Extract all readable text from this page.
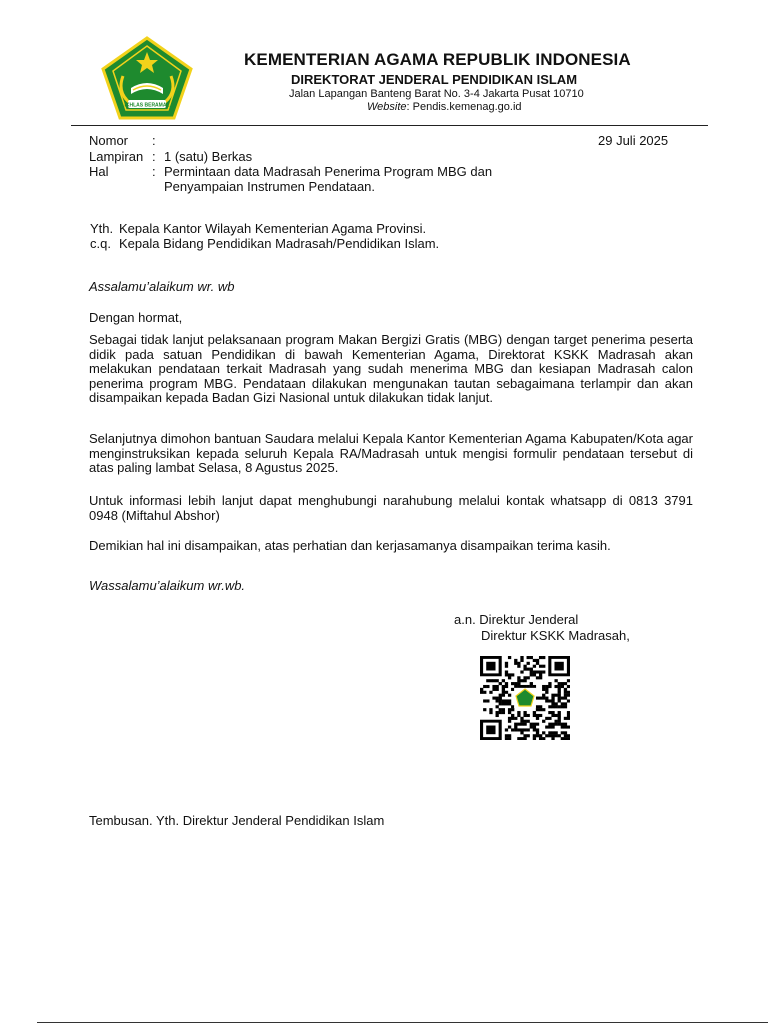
IKHLAS BERAMAL
KEMENTERIAN AGAMA REPUBLIK INDONESIA
DIREKTORAT JENDERAL PENDIDIKAN ISLAM
Jalan Lapangan Banteng Barat No. 3-4 Jakarta Pusat 10710
Website: Pendis.kemenag.go.id
Nomor :	29 Juli 2025
Lampiran : 1 (satu) Berkas
Hal	: Permintaan data Madrasah Penerima Program MBG dan
Penyampaian Instrumen Pendataan.
Yth. Kepala Kantor Wilayah Kementerian Agama Provinsi.
c.q. Kepala Bidang Pendidikan Madrasah/Pendidikan Islam.
Assalamu’alaikum wr. wb
Dengan hormat,

Sebagai tidak lanjut pelaksanaan program Makan Bergizi Gratis (MBG) dengan target penerima peserta didik pada satuan Pendidikan di bawah Kementerian Agama, Direktorat KSKK Madrasah akan melakukan pendataan terkait Madrasah yang sudah menerima MBG dan kesiapan Madrasah calon penerima program MBG. Pendataan dilakukan mengunakan tautan sebagaimana terlampir dan akan disampaikan kepada Badan Gizi Nasional untuk dilakukan tidak lanjut.

Selanjutnya dimohon bantuan Saudara melalui Kepala Kantor Kementerian Agama Kabupaten/Kota agar menginstruksikan kepada seluruh Kepala RA/Madrasah untuk mengisi formulir pendataan tersebut di atas paling lambat Selasa, 8 Agustus 2025.

Untuk informasi lebih lanjut dapat menghubungi narahubung melalui kontak whatsapp di 0813 3791 0948 (Miftahul Abshor)

Demikian hal ini disampaikan, atas perhatian dan kerjasamanya disampaikan terima kasih.
Wassalamu’alaikum wr.wb.
a.n. Direktur Jenderal
Direktur KSKK Madrasah,
Tembusan. Yth. Direktur Jenderal Pendidikan Islam
